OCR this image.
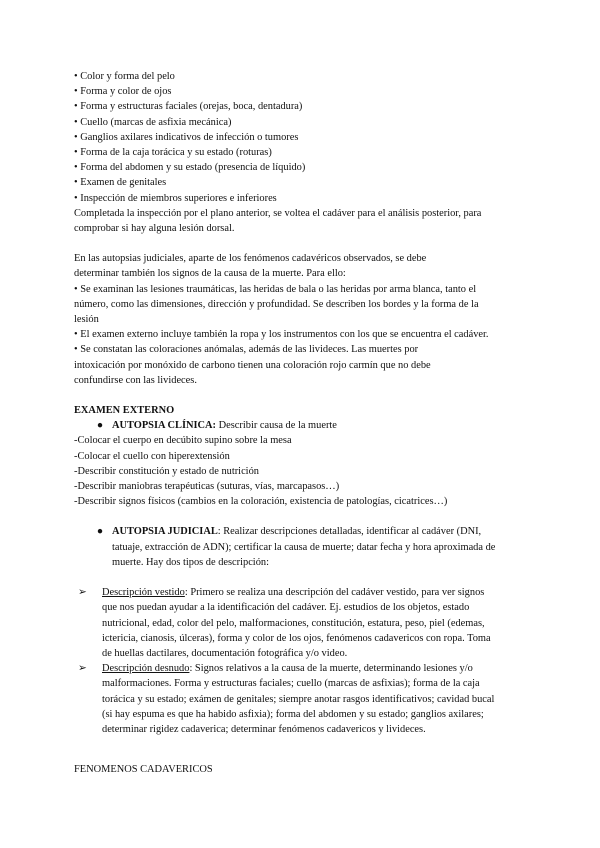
• Color y forma del pelo
• Forma y color de ojos
• Forma y estructuras faciales (orejas, boca, dentadura)
• Cuello (marcas de asfixia mecánica)
• Ganglios axilares indicativos de infección o tumores
• Forma de la caja torácica y su estado (roturas)
• Forma del abdomen y su estado (presencia de líquido)
• Examen de genitales
• Inspección de miembros superiores e inferiores
Completada la inspección por el plano anterior, se voltea el cadáver para el análisis posterior, para
comprobar si hay alguna lesión dorsal.
En las autopsias judiciales, aparte de los fenómenos cadavéricos observados, se debe
determinar también los signos de la causa de la muerte. Para ello:
• Se examinan las lesiones traumáticas, las heridas de bala o las heridas por arma blanca, tanto el
número, como las dimensiones, dirección y profundidad. Se describen los bordes y la forma de la
lesión
• El examen externo incluye también la ropa y los instrumentos con los que se encuentra el cadáver.
• Se constatan las coloraciones anómalas, además de las livideces. Las muertes por
intoxicación por monóxido de carbono tienen una coloración rojo carmín que no debe
confundirse con las livideces.
EXAMEN EXTERNO
● AUTOPSIA CLÍNICA: Describir causa de la muerte
-Colocar el cuerpo en decúbito supino sobre la mesa
-Colocar el cuello con hiperextensión
-Describir constitución y estado de nutrición
-Describir maniobras terapéuticas (suturas, vías, marcapasos…)
-Describir signos físicos (cambios en la coloración, existencia de patologías, cicatrices…)
● AUTOPSIA JUDICIAL: Realizar descripciones detalladas, identificar al cadáver (DNI,
tatuaje, extracción de ADN); certificar la causa de muerte; datar fecha y hora aproximada de
muerte. Hay dos tipos de descripción:
➢	Descripción vestido: Primero se realiza una descripción del cadáver vestido, para ver signos
que nos puedan ayudar a la identificación del cadáver. Ej. estudios de los objetos, estado
nutricional, edad, color del pelo, malformaciones, constitución, estatura, peso, piel (edemas,
ictericia, cianosis, úlceras), forma y color de los ojos, fenómenos cadavericos con ropa. Toma
de huellas dactilares, documentación fotográfica y/o video.
➢	Descripción desnudo: Signos relativos a la causa de la muerte, determinando lesiones y/o
malformaciones. Forma y estructuras faciales; cuello (marcas de asfixias); forma de la caja
torácica y su estado; exámen de genitales; siempre anotar rasgos identificativos; cavidad bucal
(si hay espuma es que ha habido asfixia); forma del abdomen y su estado; ganglios axilares;
determinar rigidez cadaverica; determinar fenómenos cadavericos y livideces.
FENOMENOS CADAVERICOS
